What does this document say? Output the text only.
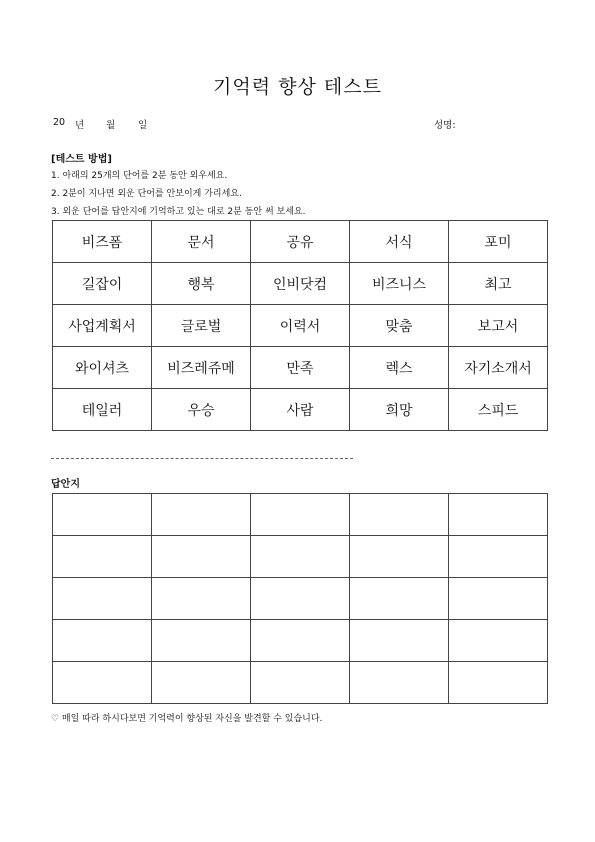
기억력 향상 테스트
20 년 월 일	성명:
[테스트 방법]
1. 아래의 25개의 단어를 2분 동안 외우세요.
2. 2분이 지나면 외운 단어를 안보이게 가리세요.
3. 외운 단어를 답안지에 기억하고 있는 대로 2분 동안 써 보세요.
비즈폼	문서	공유	서식	포미
길잡이	행복	인비닷컴	비즈니스	최고
사업계획서	글로벌	이력서	맞춤	보고서
와이셔츠	비즈레쥬메	만족	렉스	자기소개서
테일러	우승	사람	희망	스피드
답안지

♡ 매일 따라 하시다보면 기억력이 향상된 자신을 발견할 수 있습니다.
